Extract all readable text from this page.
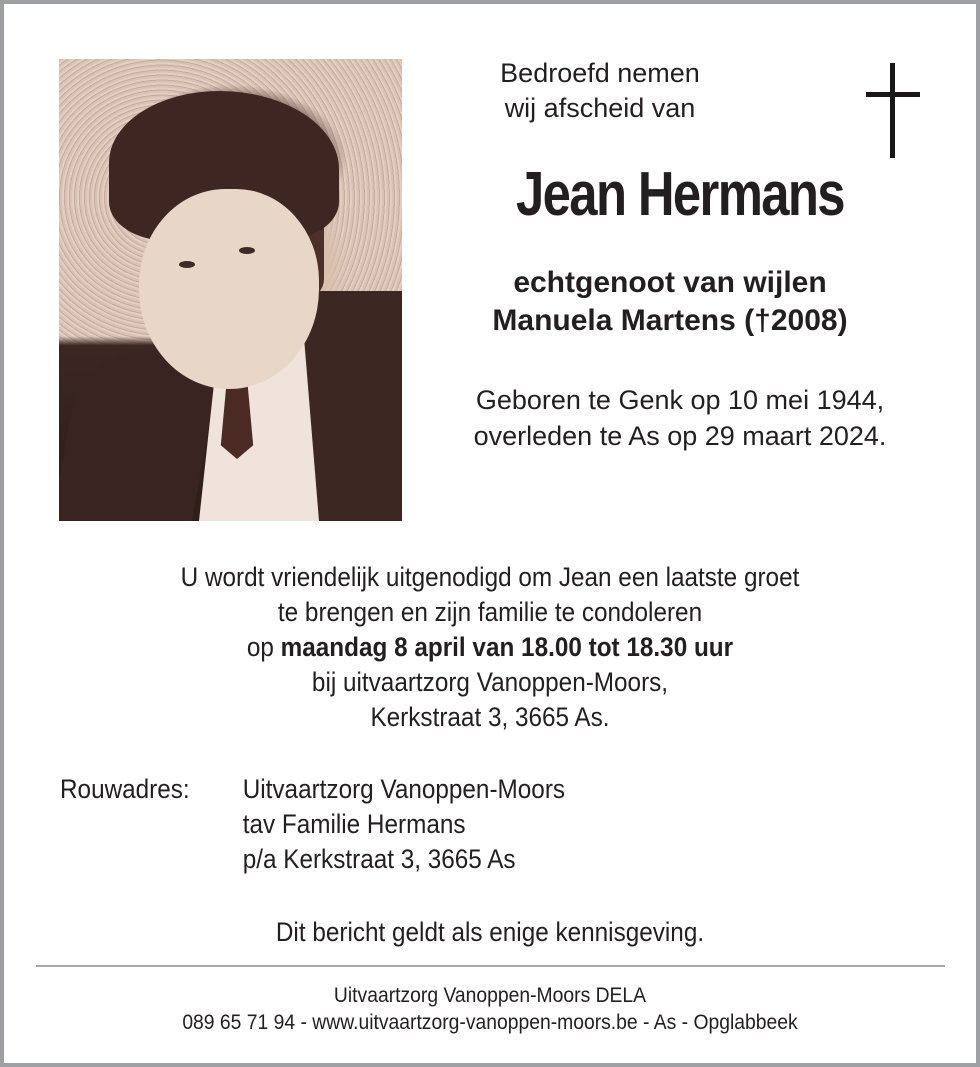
Bedroefd nemen
wij afscheid van
Jean Hermans
echtgenoot van wijlen
Manuela Martens (†2008)
Geboren te Genk op 10 mei 1944,
overleden te As op 29 maart 2024.
U wordt vriendelijk uitgenodigd om Jean een laatste groet
te brengen en zijn familie te condoleren
op maandag 8 april van 18.00 tot 18.30 uur
bij uitvaartzorg Vanoppen-Moors,
Kerkstraat 3, 3665 As.
Rouwadres:	Uitvaartzorg Vanoppen-Moors
tav Familie Hermans
p/a Kerkstraat 3, 3665 As
Dit bericht geldt als enige kennisgeving.
Uitvaartzorg Vanoppen-Moors DELA
089 65 71 94 - www.uitvaartzorg-vanoppen-moors.be - As - Opglabbeek
